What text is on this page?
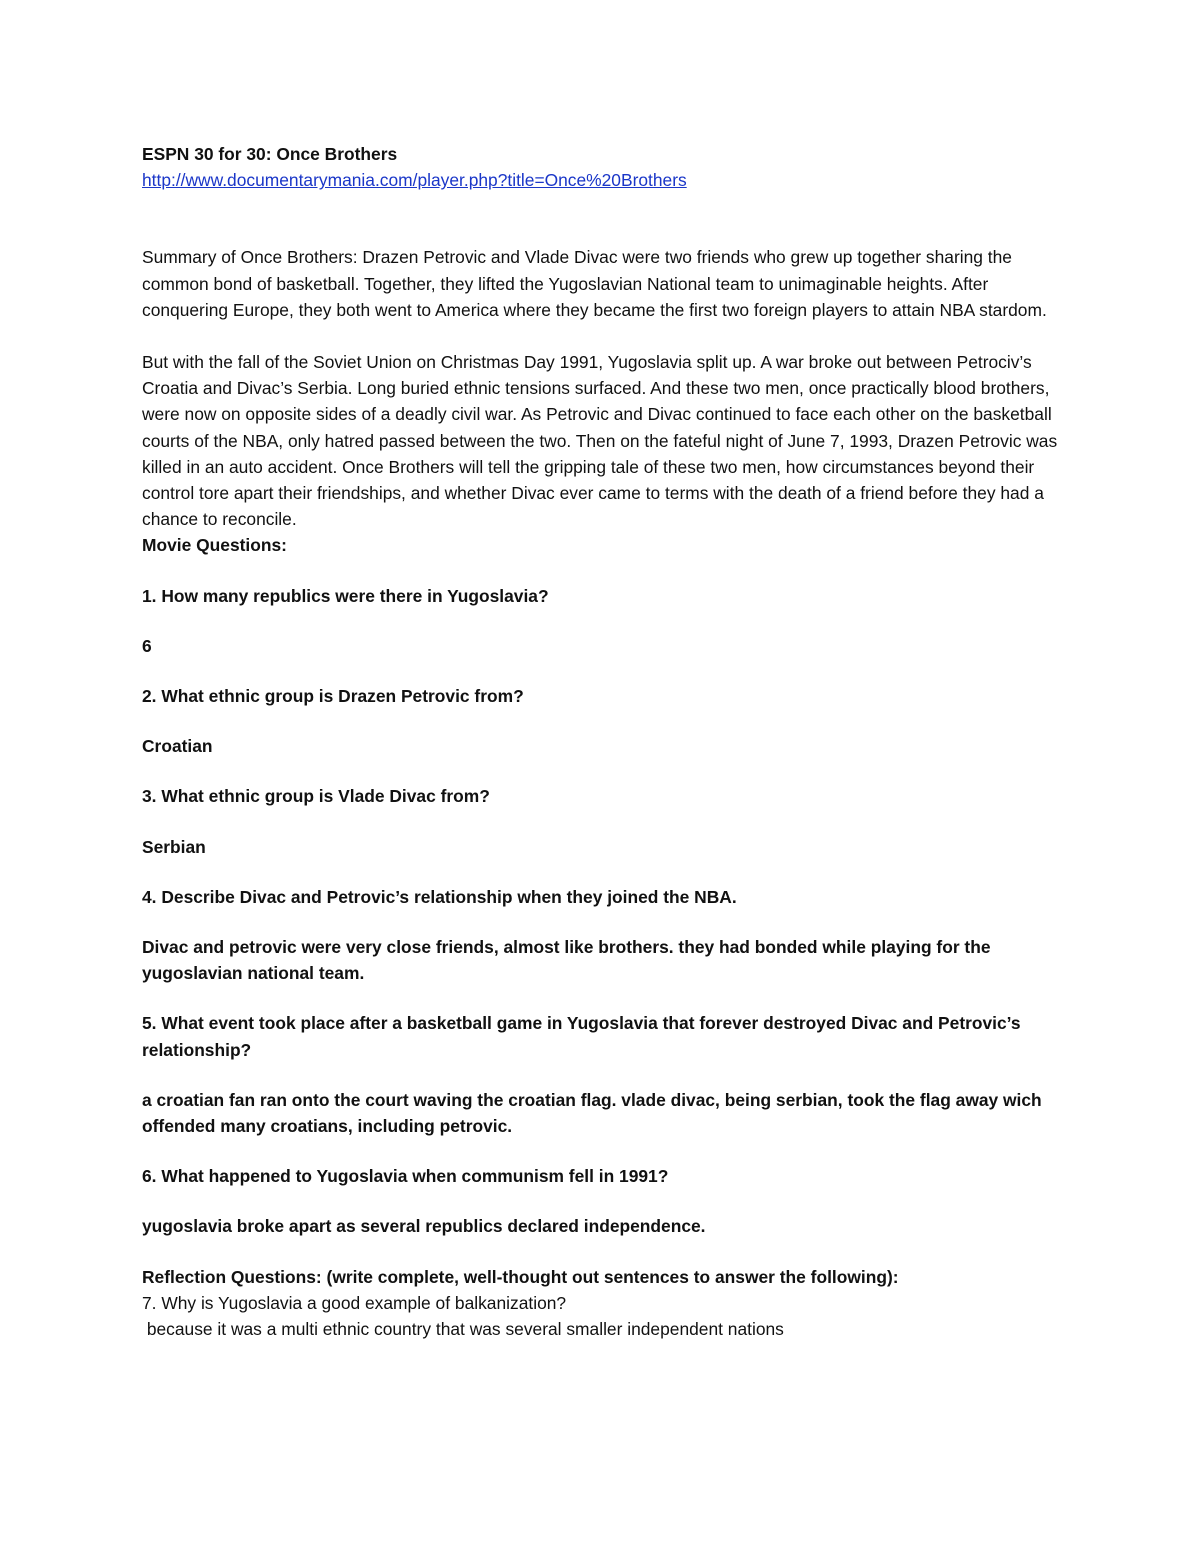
ESPN 30 for 30: Once Brothers
http://www.documentarymania.com/player.php?title=Once%20Brothers

Summary of Once Brothers: Drazen Petrovic and Vlade Divac were two friends who grew up together sharing the common bond of basketball. Together, they lifted the Yugoslavian National team to unimaginable heights. After conquering Europe, they both went to America where they became the first two foreign players to attain NBA stardom.

But with the fall of the Soviet Union on Christmas Day 1991, Yugoslavia split up. A war broke out between Petrociv’s Croatia and Divac’s Serbia. Long buried ethnic tensions surfaced. And these two men, once practically blood brothers, were now on opposite sides of a deadly civil war. As Petrovic and Divac continued to face each other on the basketball courts of the NBA, only hatred passed between the two. Then on the fateful night of June 7, 1993, Drazen Petrovic was killed in an auto accident. Once Brothers will tell the gripping tale of these two men, how circumstances beyond their control tore apart their friendships, and whether Divac ever came to terms with the death of a friend before they had a chance to reconcile.

Movie Questions:
1. How many republics were there in Yugoslavia?
6
2. What ethnic group is Drazen Petrovic from?
Croatian
3. What ethnic group is Vlade Divac from?
Serbian
4. Describe Divac and Petrovic’s relationship when they joined the NBA.

Divac and petrovic were very close friends, almost like brothers. they had bonded while playing for the yugoslavian national team.

5. What event took place after a basketball game in Yugoslavia that forever destroyed Divac and Petrovic’s relationship?

a croatian fan ran onto the court waving the croatian flag. vlade divac, being serbian, took the flag away wich offended many croatians, including petrovic.

6. What happened to Yugoslavia when communism fell in 1991?
yugoslavia broke apart as several republics declared independence.
Reflection Questions: (write complete, well-thought out sentences to answer the following):
7. Why is Yugoslavia a good example of balkanization?
because it was a multi ethnic country that was several smaller independent nations
